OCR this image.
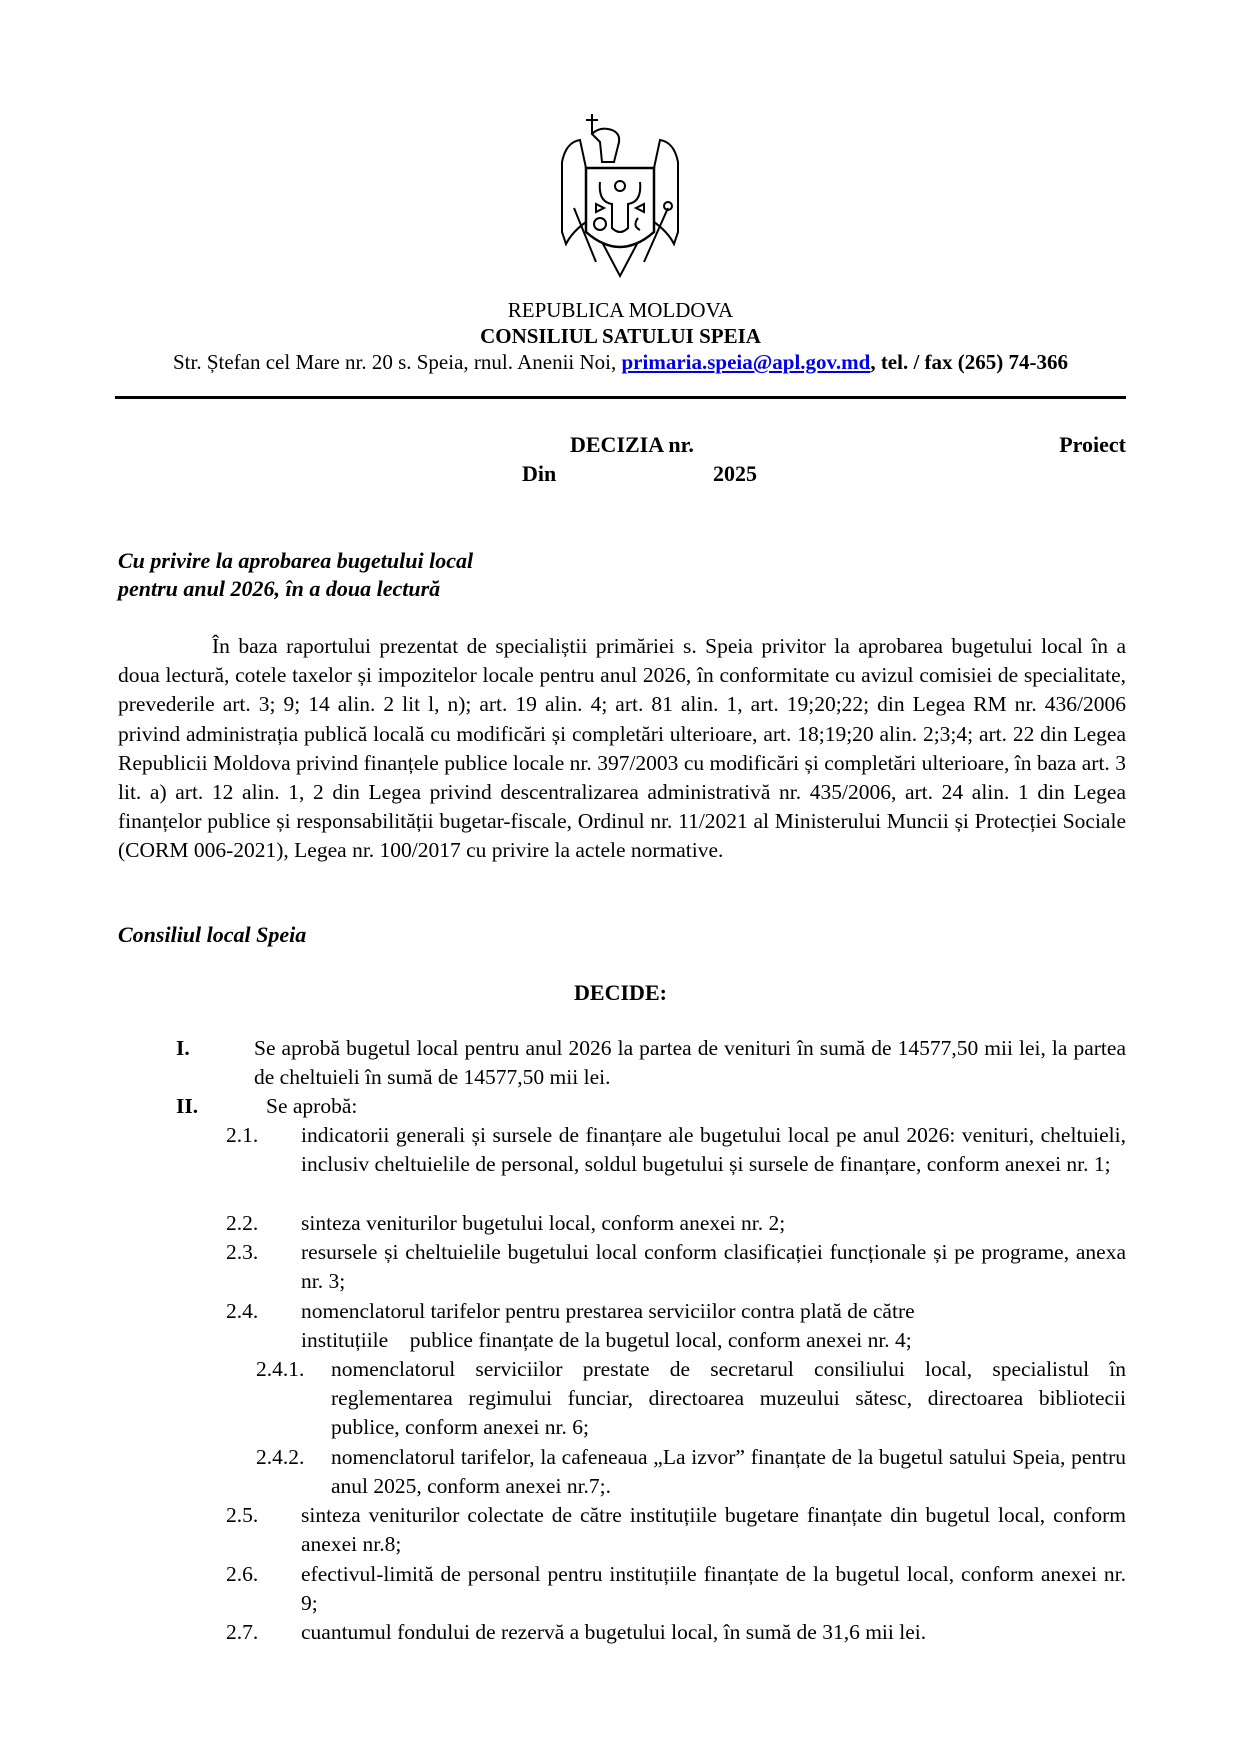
REPUBLICA MOLDOVA
CONSILIUL SATULUI SPEIA
Str. Ștefan cel Mare nr. 20 s. Speia, rnul. Anenii Noi, primaria.speia@apl.gov.md, tel. / fax (265) 74-366
DECIZIA nr.	Proiect
Din	2025
Cu privire la aprobarea bugetului local
pentru anul 2026, în a doua lectură
În baza raportului prezentat de specialiștii primăriei s. Speia privitor la aprobarea bugetului local în a doua lectură, cotele taxelor și impozitelor locale pentru anul 2026, în conformitate cu avizul comisiei de specialitate, prevederile art. 3; 9; 14 alin. 2 lit l, n); art. 19 alin. 4; art. 81 alin. 1, art. 19;20;22; din Legea RM nr. 436/2006 privind administrația publică locală cu modificări și completări ulterioare, art. 18;19;20 alin. 2;3;4; art. 22 din Legea Republicii Moldova privind finanțele publice locale nr. 397/2003 cu modificări și completări ulterioare, în baza art. 3 lit. a) art. 12 alin. 1, 2 din Legea privind descentralizarea administrativă nr. 435/2006, art. 24 alin. 1 din Legea finanțelor publice și responsabilității bugetar-fiscale, Ordinul nr. 11/2021 al Ministerului Muncii și Protecției Sociale (CORM 006-2021), Legea nr. 100/2017 cu privire la actele normative.
Consiliul local Speia
DECIDE:
I.	Se aprobă bugetul local pentru anul 2026 la partea de venituri în sumă de 14577,50 mii lei, la partea de cheltuieli în sumă de 14577,50 mii lei.
II.	Se aprobă:
2.1. indicatorii generali și sursele de finanțare ale bugetului local pe anul 2026: venituri, cheltuieli, inclusiv cheltuielile de personal, soldul bugetului și sursele de finanțare, conform anexei nr. 1;
2.2. sinteza veniturilor bugetului local, conform anexei nr. 2;
2.3. resursele și cheltuielile bugetului local conform clasificației funcționale și pe programe, anexa nr. 3;
2.4. nomenclatorul tarifelor pentru prestarea serviciilor contra plată de către
instituțiile    publice finanțate de la bugetul local, conform anexei nr. 4;
2.4.1. nomenclatorul serviciilor prestate de secretarul consiliului local, specialistul în reglementarea regimului funciar, directoarea muzeului sătesc, directoarea bibliotecii publice, conform anexei nr. 6;
2.4.2. nomenclatorul tarifelor, la cafeneaua „La izvor” finanțate de la bugetul satului Speia, pentru anul 2025, conform anexei nr.7;.
2.5. sinteza veniturilor colectate de către instituțiile bugetare finanțate din bugetul local, conform anexei nr.8;
2.6. efectivul-limită de personal pentru instituțiile finanțate de la bugetul local, conform anexei nr. 9;
2.7. cuantumul fondului de rezervă a bugetului local, în sumă de 31,6 mii lei.
